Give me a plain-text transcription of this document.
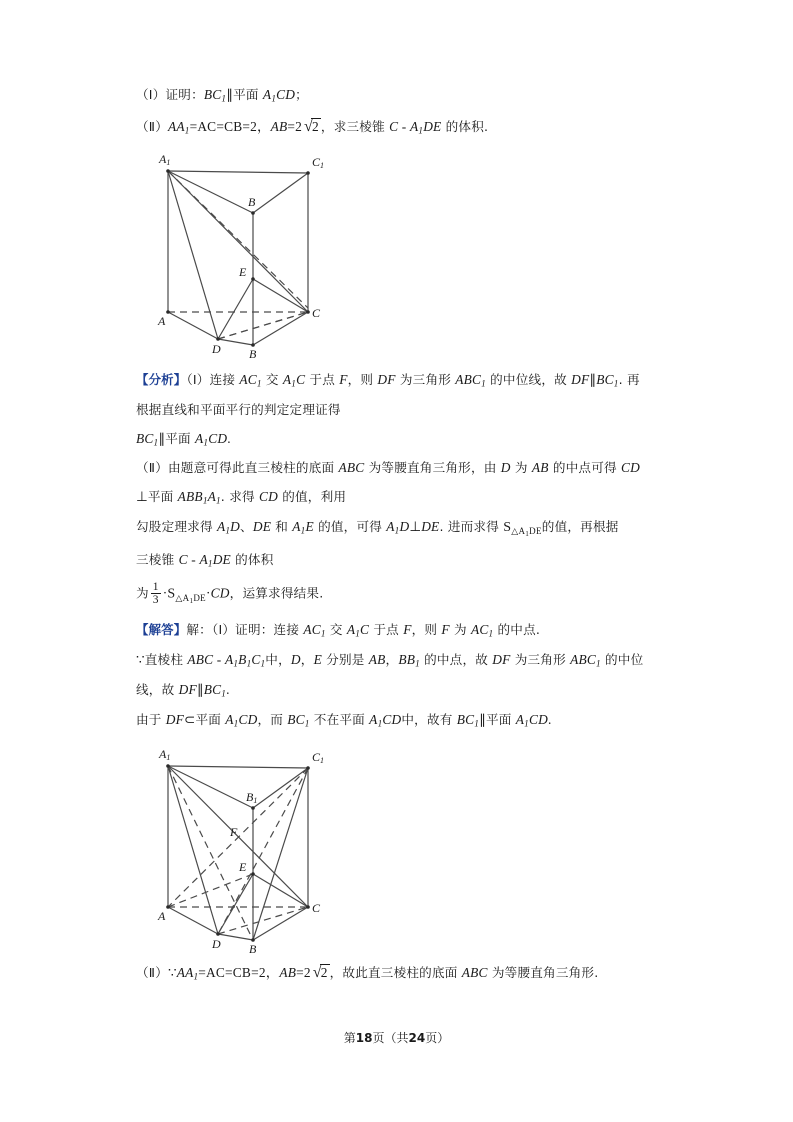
（Ⅰ）证明：$BC_1\parallel$平面 $A_1CD$；

$(Ⅱ)AA_1=AC=CB=2$，AB=2 √2 ，求三棱锥 C - $A_1DE$ 的体积.

A1	C1
B
E
A
C
D B

【分析】（Ⅰ）连接 $AC_1$ 交 $A_1C$ 于点 F，则 DF 为三角形 $ABC_1$ 的中位线，故 $DF\parallel BC_1$. 再

根据直线和平面平行的判定定理证得

$BC_1\parallel$平面 $A_1CD$.

（Ⅱ）由题意可得此直三棱柱的底面 ABC 为等腰直角三角形，由 D 为 AB 的中点可得 CD

⊥平面 $ABB_1A_1$. 求得 CD 的值，利用

勾股定理求得 $A_1D$、DE 和 $A_1E$ 的值，可得 $A_1D\perp DE$. 进而求得 $S_{\triangle A_1DE}$的值，再根据

三棱锥 C - $A_1DE$ 的体积

为 $\frac{1}{3} \cdot S_{\triangle A_1DE}\cdot CD$，运算求得结果.

【解答】解：（Ⅰ）证明：连接 $AC_1$ 交 $A_1C$ 于点 F，则 F 为 $AC_1$ 的中点.

∵直棱柱 ABC - $A_1B_1C_1$中，D，E 分别是 AB，$BB_1$ 的中点，故 DF 为三角形 $ABC_1$ 的中位

线，故 $DF\parallel BC_1$.

由于 DF⊂平面 $A_1CD$，而 $BC_1$ 不在平面 $A_1CD$中，故有 $BC_1\parallel$平面 $A_1CD$.

A1	C1
B1
F
E
A
C
D B

$(Ⅱ)\because AA_1=AC=CB=2$，AB=2 √2 ，故此直三棱柱的底面 ABC 为等腰直角三角形.

第18页（共24页）
